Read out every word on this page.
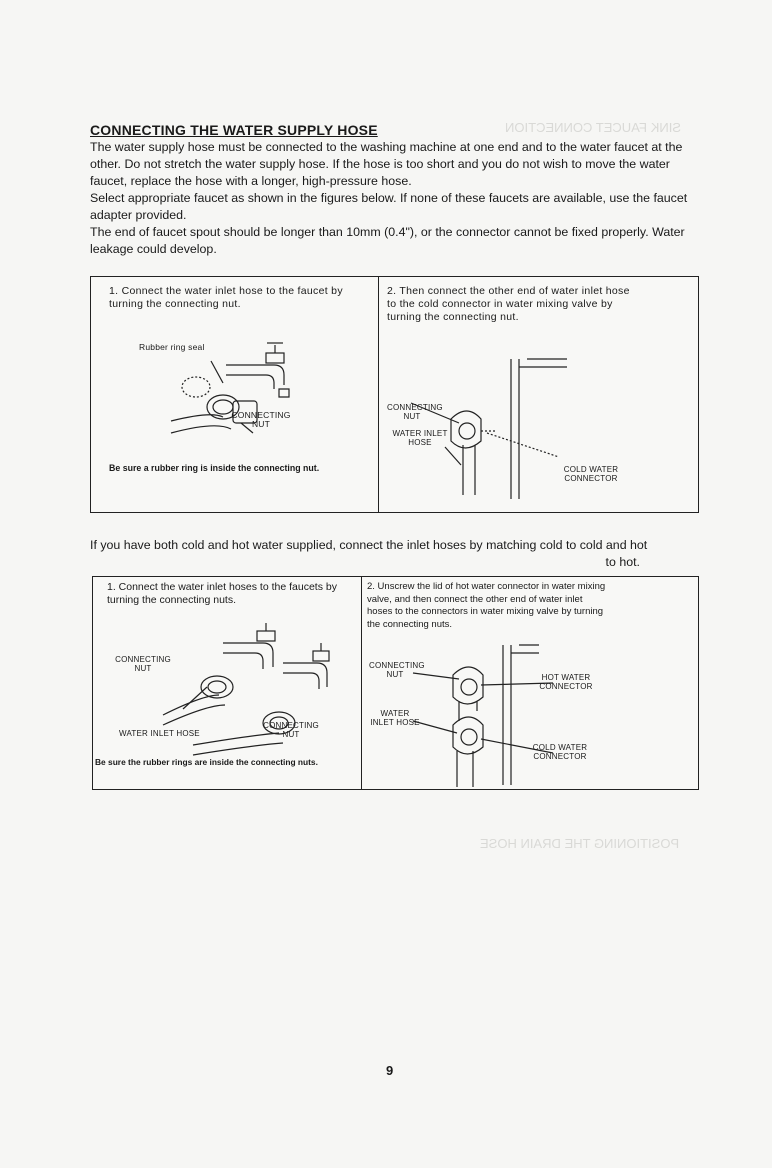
SINK FAUCET CONNECTION

POSITIONING THE DRAIN HOSE
CONNECTING THE WATER SUPPLY HOSE

The water supply hose must be connected to the washing machine at one end and to the water faucet at the other. Do not stretch the water supply hose. If the hose is too short and you do not wish to move the water faucet, replace the hose with a longer, high-pressure hose.

Select appropriate faucet as shown in the figures below. If none of these faucets are available, use the faucet adapter provided.

The end of faucet spout should be longer than 10mm (0.4"), or the connector cannot be fixed properly. Water leakage could develop.

1. Connect the water inlet hose to the faucet by turning the connecting nut.
2. Then connect the other end of water inlet hose to the cold connector in water mixing valve by turning the connecting nut.
Rubber ring seal
CONNECTING NUT
Be sure a rubber ring is inside the connecting nut.
CONNECTING NUT
WATER INLET HOSE
COLD WATER CONNECTOR

If you have both cold and hot water supplied, connect the inlet hoses by matching cold to cold and hot

to hot.

1. Connect the water inlet hoses to the faucets by turning the connecting nuts.
2. Unscrew the lid of hot water connector in water mixing valve, and then connect the other end of water inlet hoses to the connectors in water mixing valve by turning the connecting nuts.
CONNECTING NUT
CONNECTING NUT
WATER INLET HOSE
Be sure the rubber rings are inside the connecting nuts.
CONNECTING NUT
WATER INLET HOSE
HOT WATER CONNECTOR
COLD WATER CONNECTOR
9
